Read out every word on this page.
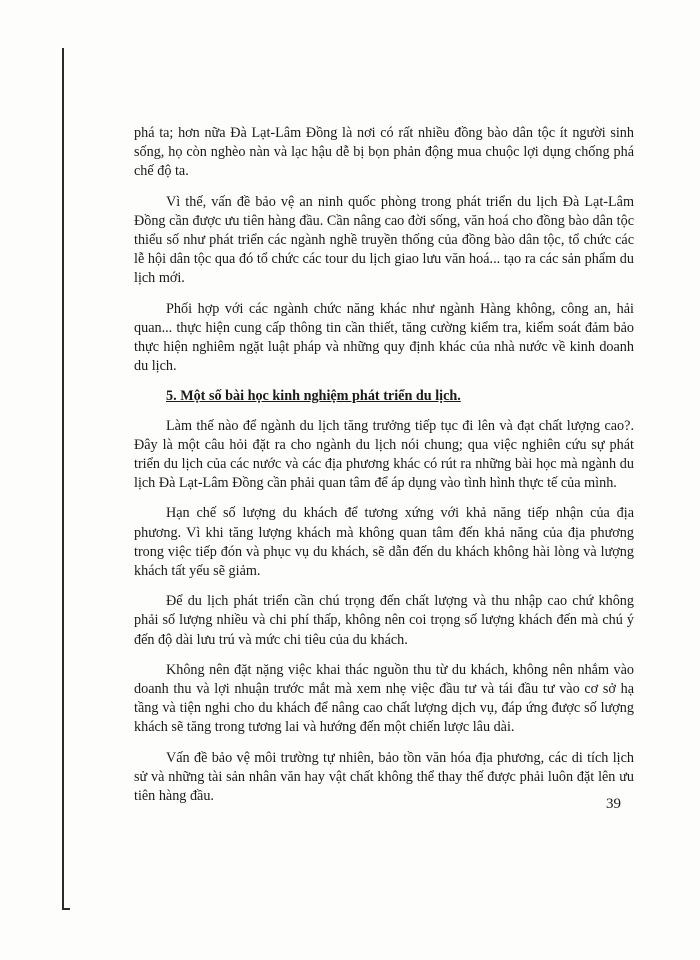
phá ta; hơn nữa Đà Lạt-Lâm Đồng là nơi có rất nhiều đồng bào dân tộc ít người sinh sống, họ còn nghèo nàn và lạc hậu dễ bị bọn phản động mua chuộc lợi dụng chống phá chế độ ta.

Vì thế, vấn đề bảo vệ an ninh quốc phòng trong phát triển du lịch Đà Lạt-Lâm Đồng cần được ưu tiên hàng đầu. Cần nâng cao đời sống, văn hoá cho đồng bào dân tộc thiểu số như phát triển các ngành nghề truyền thống của đồng bào dân tộc, tổ chức các lễ hội dân tộc qua đó tổ chức các tour du lịch giao lưu văn hoá... tạo ra các sản phẩm du lịch mới.

Phối hợp với các ngành chức năng khác như ngành Hàng không, công an, hải quan... thực hiện cung cấp thông tin cần thiết, tăng cường kiểm tra, kiểm soát đảm bảo thực hiện nghiêm ngặt luật pháp và những quy định khác của nhà nước về kinh doanh du lịch.

5. Một số bài học kinh nghiệm phát triển du lịch.

Làm thế nào để ngành du lịch tăng trưởng tiếp tục đi lên và đạt chất lượng cao?. Đây là một câu hỏi đặt ra cho ngành du lịch nói chung; qua việc nghiên cứu sự phát triển du lịch của các nước và các địa phương khác có rút ra những bài học mà ngành du lịch Đà Lạt-Lâm Đồng cần phải quan tâm để áp dụng vào tình hình thực tế của mình.

Hạn chế số lượng du khách để tương xứng với khả năng tiếp nhận của địa phương. Vì khi tăng lượng khách mà không quan tâm đến khả năng của địa phương trong việc tiếp đón và phục vụ du khách, sẽ dẫn đến du khách không hài lòng và lượng khách tất yếu sẽ giảm.

Để du lịch phát triển cần chú trọng đến chất lượng và thu nhập cao chứ không phải số lượng nhiều và chi phí thấp, không nên coi trọng số lượng khách đến mà chú ý đến độ dài lưu trú và mức chi tiêu của du khách.

Không nên đặt nặng việc khai thác nguồn thu từ du khách, không nên nhắm vào doanh thu và lợi nhuận trước mắt mà xem nhẹ việc đầu tư và tái đầu tư vào cơ sở hạ tầng và tiện nghi cho du khách để nâng cao chất lượng dịch vụ, đáp ứng được số lượng khách sẽ tăng trong tương lai và hướng đến một chiến lược lâu dài.

Vấn đề bảo vệ môi trường tự nhiên, bảo tồn văn hóa địa phương, các di tích lịch sử và những tài sản nhân văn hay vật chất không thể thay thế được phải luôn đặt lên ưu tiên hàng đầu.	39
